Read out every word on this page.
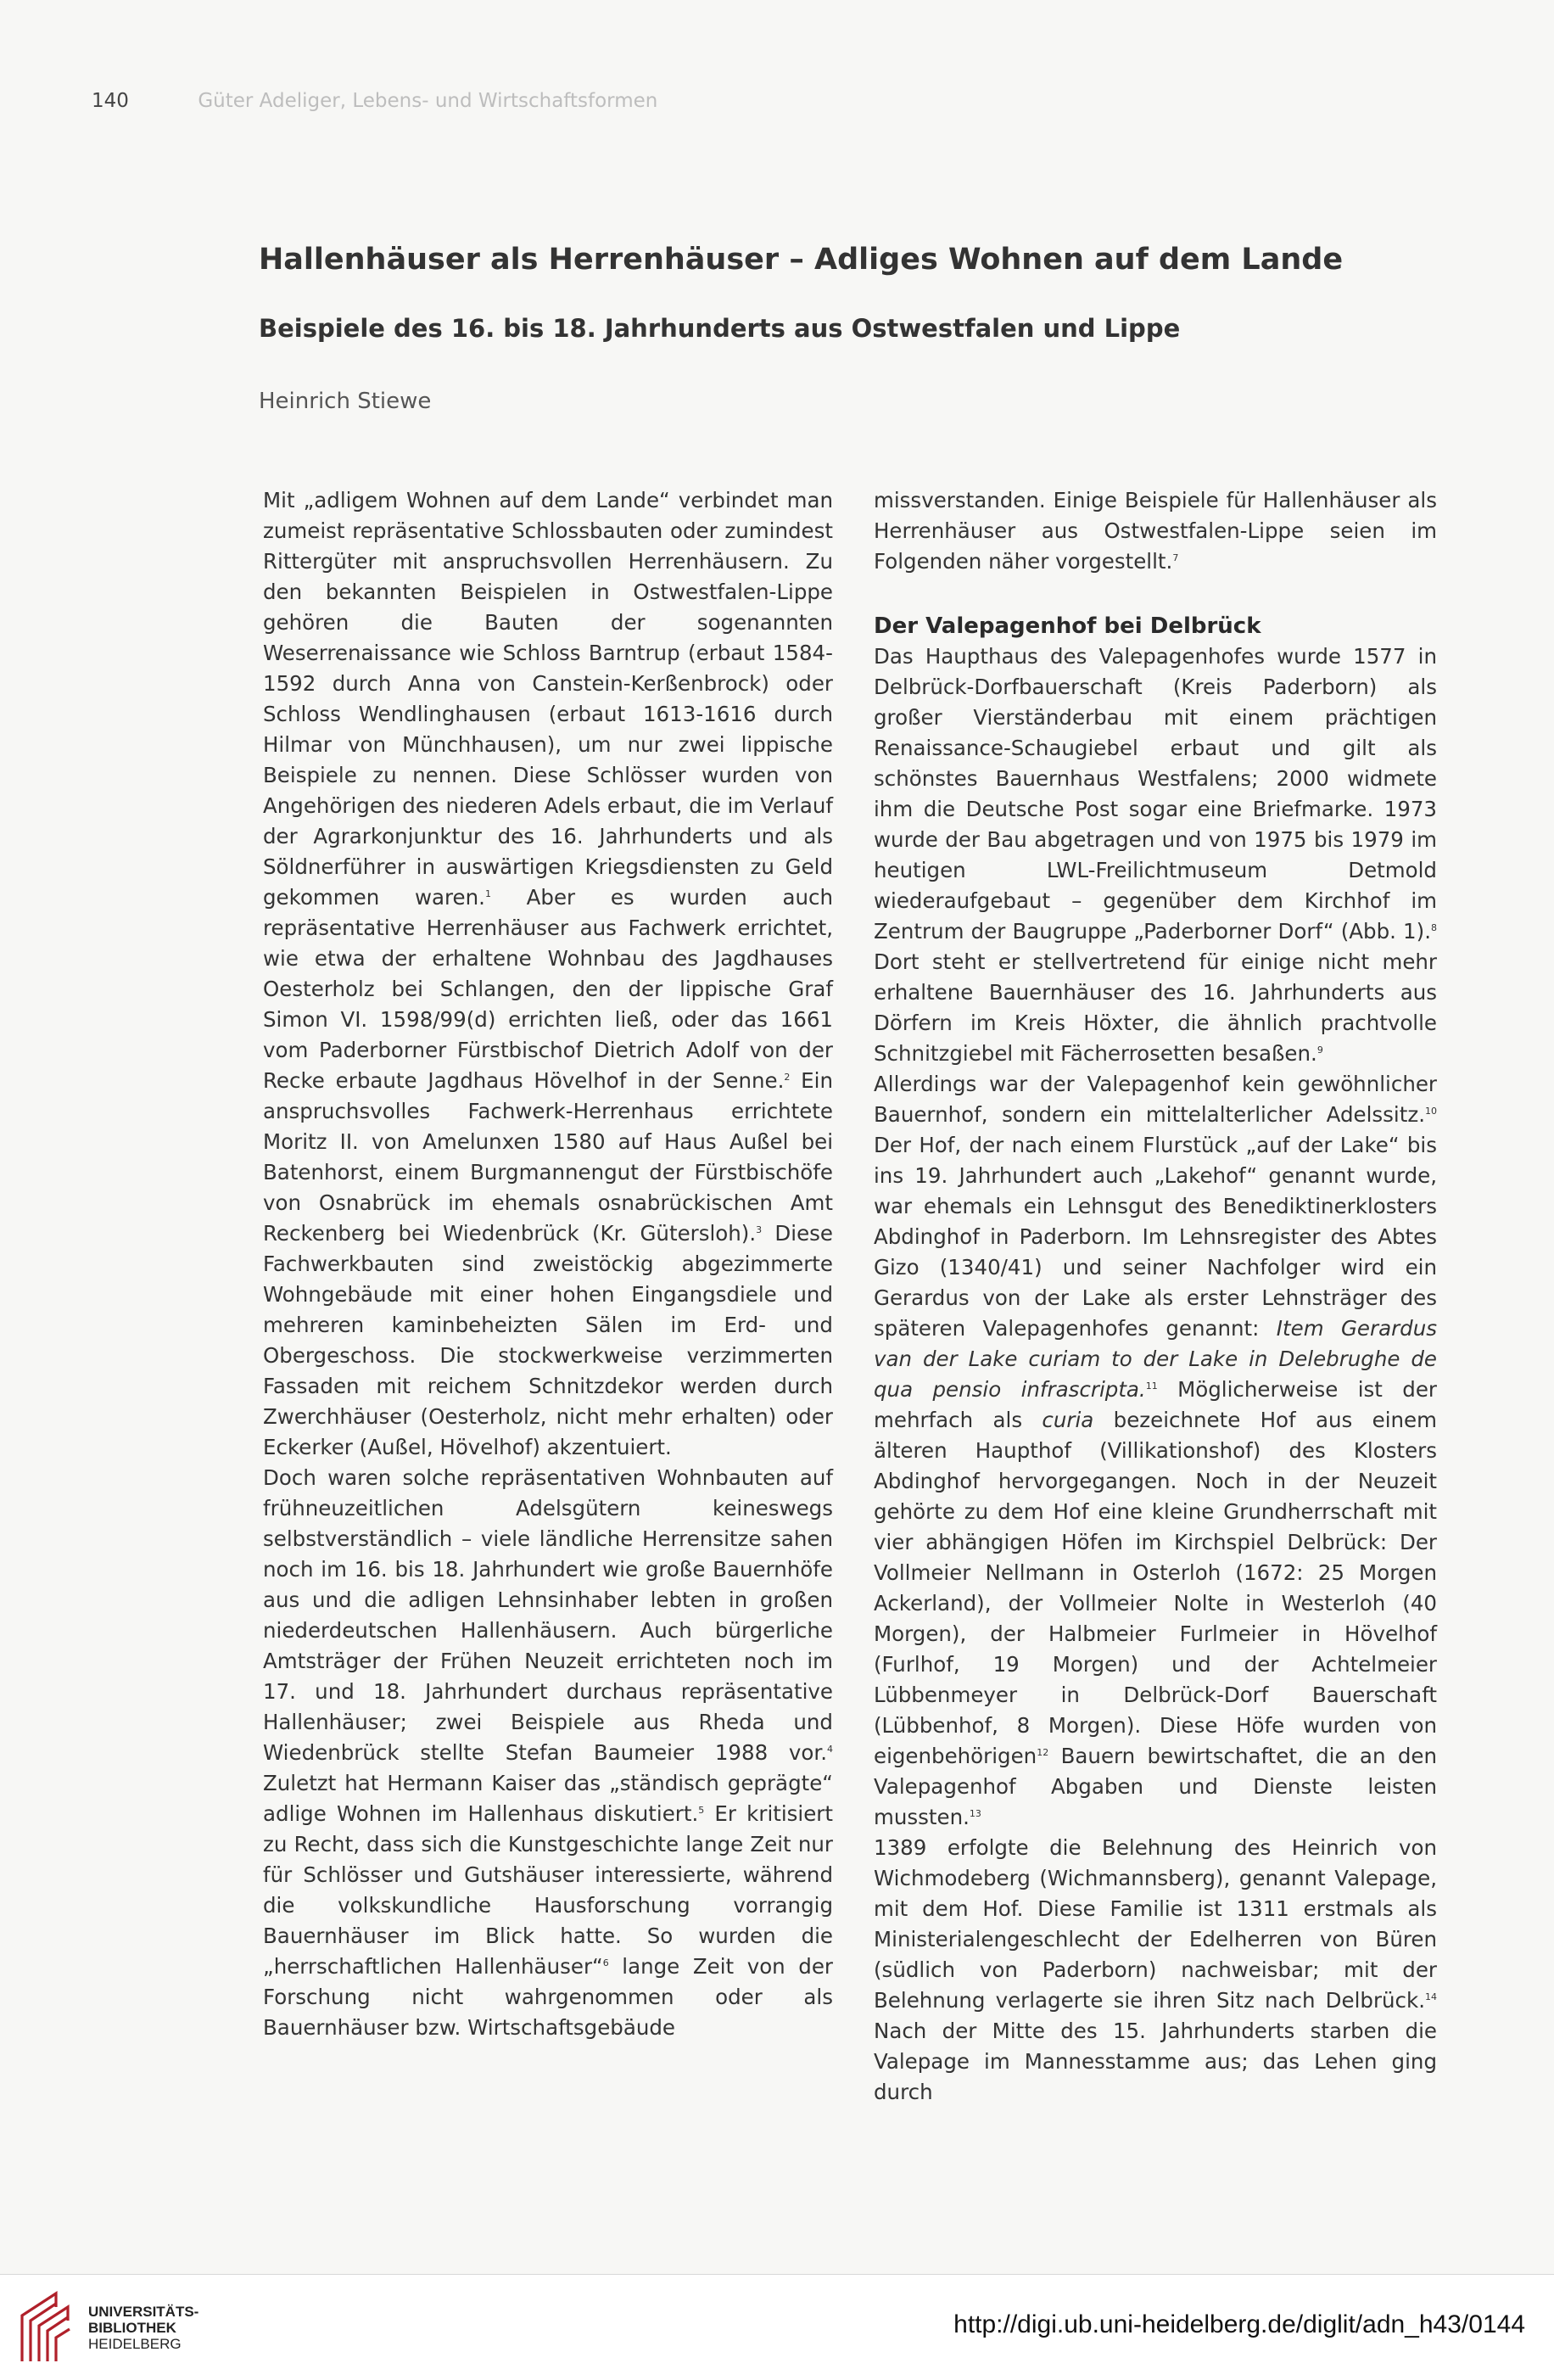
140	Güter Adeliger, Lebens- und Wirtschaftsformen
Hallenhäuser als Herrenhäuser – Adliges Wohnen auf dem Lande
Beispiele des 16. bis 18. Jahrhunderts aus Ostwestfalen und Lippe
Heinrich Stiewe

Mit „adligem Wohnen auf dem Lande“ verbindet man zumeist repräsentative Schlossbauten oder zumindest Rittergüter mit anspruchsvollen Herrenhäusern. Zu den bekannten Beispielen in Ostwestfalen-Lippe gehören die Bauten der sogenannten Weserrenaissance wie Schloss Barntrup (erbaut 1584-1592 durch Anna von Canstein-Kerßenbrock) oder Schloss Wendlinghausen (erbaut 1613-1616 durch Hilmar von Münchhausen), um nur zwei lippische Beispiele zu nennen. Diese Schlösser wurden von Angehörigen des niederen Adels erbaut, die im Verlauf der Agrarkonjunktur des 16. Jahrhunderts und als Söldnerführer in auswärtigen Kriegsdiensten zu Geld gekommen waren.$^1$ Aber es wurden auch repräsentative Herrenhäuser aus Fachwerk errichtet, wie etwa der erhaltene Wohnbau des Jagdhauses Oesterholz bei Schlangen, den der lippische Graf Simon VI. 1598/99(d) errichten ließ, oder das 1661 vom Paderborner Fürstbischof Dietrich Adolf von der Recke erbaute Jagdhaus Hövelhof in der Senne.$^2$ Ein anspruchsvolles Fachwerk-Herrenhaus errichtete Moritz II. von Amelunxen 1580 auf Haus Außel bei Batenhorst, einem Burgmannengut der Fürstbischöfe von Osnabrück im ehemals osnabrückischen Amt Reckenberg bei Wiedenbrück (Kr. Gütersloh).$^3$ Diese Fachwerkbauten sind zweistöckig abgezimmerte Wohngebäude mit einer hohen Eingangsdiele und mehreren kaminbeheizten Sälen im Erd- und Obergeschoss. Die stockwerkweise verzimmerten Fassaden mit reichem Schnitzdekor werden durch Zwerchhäuser (Oesterholz, nicht mehr erhalten) oder Eckerker (Außel, Hövelhof) akzentuiert.

Doch waren solche repräsentativen Wohnbauten auf frühneuzeitlichen Adelsgütern keineswegs selbstverständlich – viele ländliche Herrensitze sahen noch im 16. bis 18. Jahrhundert wie große Bauernhöfe aus und die adligen Lehnsinhaber lebten in großen niederdeutschen Hallenhäusern. Auch bürgerliche Amtsträger der Frühen Neuzeit errichteten noch im 17. und 18. Jahrhundert durchaus repräsentative Hallenhäuser; zwei Beispiele aus Rheda und Wiedenbrück stellte Stefan Baumeier 1988 vor.$^4$ Zuletzt hat Hermann Kaiser das „ständisch geprägte“ adlige Wohnen im Hallenhaus diskutiert.$^5$ Er kritisiert zu Recht, dass sich die Kunstgeschichte lange Zeit nur für Schlösser und Gutshäuser interessierte, während die volkskundliche Hausforschung vorrangig Bauernhäuser im Blick hatte. So wurden die „herrschaftlichen Hallenhäuser“$^6$ lange Zeit von der Forschung nicht wahrgenommen oder als Bauernhäuser bzw. Wirtschaftsgebäude

missverstanden. Einige Beispiele für Hallenhäuser als Herrenhäuser aus Ostwestfalen-Lippe seien im Folgenden näher vorgestellt.$^7$

Der Valepagenhof bei Delbrück

Das Haupthaus des Valepagenhofes wurde 1577 in Delbrück-Dorfbauerschaft (Kreis Paderborn) als großer Vierständerbau mit einem prächtigen Renaissance-Schaugiebel erbaut und gilt als schönstes Bauernhaus Westfalens; 2000 widmete ihm die Deutsche Post sogar eine Briefmarke. 1973 wurde der Bau abgetragen und von 1975 bis 1979 im heutigen LWL-Freilichtmuseum Detmold wiederaufgebaut – gegenüber dem Kirchhof im Zentrum der Baugruppe „Paderborner Dorf“ (Abb. 1).$^8$ Dort steht er stellvertretend für einige nicht mehr erhaltene Bauernhäuser des 16. Jahrhunderts aus Dörfern im Kreis Höxter, die ähnlich prachtvolle Schnitzgiebel mit Fächerrosetten besaßen.$^9$

Allerdings war der Valepagenhof kein gewöhnlicher Bauernhof, sondern ein mittelalterlicher Adelssitz.$^{10}$ Der Hof, der nach einem Flurstück „auf der Lake“ bis ins 19. Jahrhundert auch „Lakehof“ genannt wurde, war ehemals ein Lehnsgut des Benediktinerklosters Abdinghof in Paderborn. Im Lehnsregister des Abtes Gizo (1340/41) und seiner Nachfolger wird ein Gerardus von der Lake als erster Lehnsträger des späteren Valepagenhofes genannt: Item Gerardus van der Lake curiam to der Lake in Delebrughe de qua pensio infrascripta.$^{11}$ Möglicherweise ist der mehrfach als curia bezeichnete Hof aus einem älteren Haupthof (Villikationshof) des Klosters Abdinghof hervorgegangen. Noch in der Neuzeit gehörte zu dem Hof eine kleine Grundherrschaft mit vier abhängigen Höfen im Kirchspiel Delbrück: Der Vollmeier Nellmann in Osterloh (1672: 25 Morgen Ackerland), der Vollmeier Nolte in Westerloh (40 Morgen), der Halbmeier Furlmeier in Hövelhof (Furlhof, 19 Morgen) und der Achtelmeier Lübbenmeyer in Delbrück-Dorf Bauerschaft (Lübbenhof, 8 Morgen). Diese Höfe wurden von eigenbehörigen$^{12}$ Bauern bewirtschaftet, die an den Valepagenhof Abgaben und Dienste leisten mussten.$^{13}$

1389 erfolgte die Belehnung des Heinrich von Wichmodeberg (Wichmannsberg), genannt Valepage, mit dem Hof. Diese Familie ist 1311 erstmals als Ministerialengeschlecht der Edelherren von Büren (südlich von Paderborn) nachweisbar; mit der Belehnung verlagerte sie ihren Sitz nach Delbrück.$^{14}$ Nach der Mitte des 15. Jahrhunderts starben die Valepage im Mannesstamme aus; das Lehen ging durch

UNIVERSITÄTS-
BIBLIOTHEK
HEIDELBERG
http://digi.ub.uni-heidelberg.de/diglit/adn_h43/0144
